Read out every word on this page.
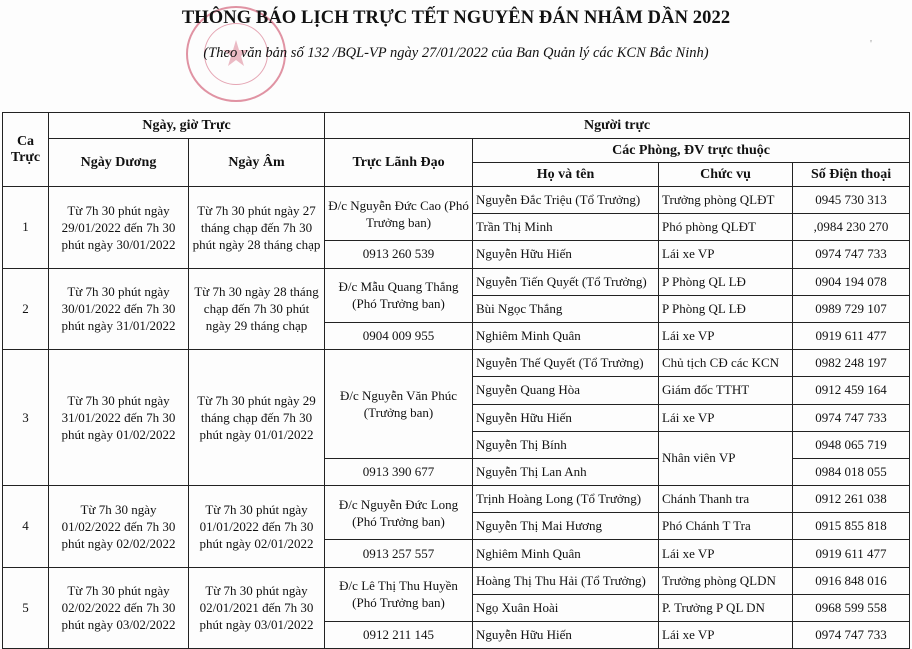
THÔNG BÁO LỊCH TRỰC TẾT NGUYÊN ĐÁN NHÂM DẦN 2022
(Theo văn bản số 132 /BQL-VP ngày 27/01/2022 của Ban Quản lý các KCN Bắc Ninh)
'
Ca Trực	Ngày, giờ Trực		Người trực			
	Ngày Dương	Ngày Âm	Trực Lãnh Đạo	Các Phòng, ĐV trực thuộc		
				Họ và tên	Chức vụ	Số Điện thoại
1	Từ 7h 30 phút ngày 29/01/2022 đến 7h 30 phút ngày 30/01/2022	Từ 7h 30 phút ngày 27 tháng chạp đến 7h 30 phút ngày 28 tháng chạp	Đ/c Nguyễn Đức Cao (Phó Trưởng ban)	Nguyễn Đắc Triệu (Tổ Trưởng)	Trưởng phòng QLĐT	0945 730 313
				Trần Thị Minh	Phó phòng QLĐT	,0984 230 270
			0913 260 539	Nguyễn Hữu Hiến	Lái xe VP	0974 747 733
2	Từ 7h 30 phút ngày 30/01/2022 đến 7h 30 phút ngày 31/01/2022	Từ 7h 30 ngày 28 tháng chạp đến 7h 30 phút ngày 29 tháng chạp	Đ/c Mẫu Quang Thắng (Phó Trưởng ban)	Nguyễn Tiến Quyết (Tổ Trưởng)	P Phòng QL LĐ	0904 194 078
				Bùi Ngọc Thắng	P Phòng QL LĐ	0989 729 107
			0904 009 955	Nghiêm Minh Quân	Lái xe VP	0919 611 477
3	Từ 7h 30 phút ngày 31/01/2022 đến 7h 30 phút ngày 01/02/2022	Từ 7h 30 phút ngày 29 tháng chạp đến 7h 30 phút ngày 01/01/2022	Đ/c Nguyễn Văn Phúc (Trưởng ban)	Nguyễn Thế Quyết (Tổ Trưởng)	Chủ tịch CĐ các KCN	0982 248 197
				Nguyễn Quang Hòa	Giám đốc TTHT	0912 459 164
				Nguyễn Hữu Hiến	Lái xe VP	0974 747 733
				Nguyễn Thị Bính	Nhân viên VP	0948 065 719
			0913 390 677	Nguyễn Thị Lan Anh		0984 018 055
4	Từ 7h 30 ngày 01/02/2022 đến 7h 30 phút ngày 02/02/2022	Từ 7h 30 phút ngày 01/01/2022 đến 7h 30 phút ngày 02/01/2022	Đ/c Nguyễn Đức Long (Phó Trưởng ban)	Trịnh Hoàng Long (Tổ Trưởng)	Chánh Thanh tra	0912 261 038
				Nguyễn Thị Mai Hương	Phó Chánh T Tra	0915 855 818
			0913 257 557	Nghiêm Minh Quân	Lái xe VP	0919 611 477
5	Từ 7h 30 phút ngày 02/02/2022 đến 7h 30 phút ngày 03/02/2022	Từ 7h 30 phút ngày 02/01/2021 đến 7h 30 phút ngày 03/01/2022	Đ/c Lê Thị Thu Huyền (Phó Trưởng ban)	Hoàng Thị Thu Hải (Tổ Trưởng)	Trưởng phòng QLDN	0916 848 016
				Ngọ Xuân Hoài	P. Trưởng P QL DN	0968 599 558
			0912 211 145	Nguyễn Hữu Hiến	Lái xe VP	0974 747 733
